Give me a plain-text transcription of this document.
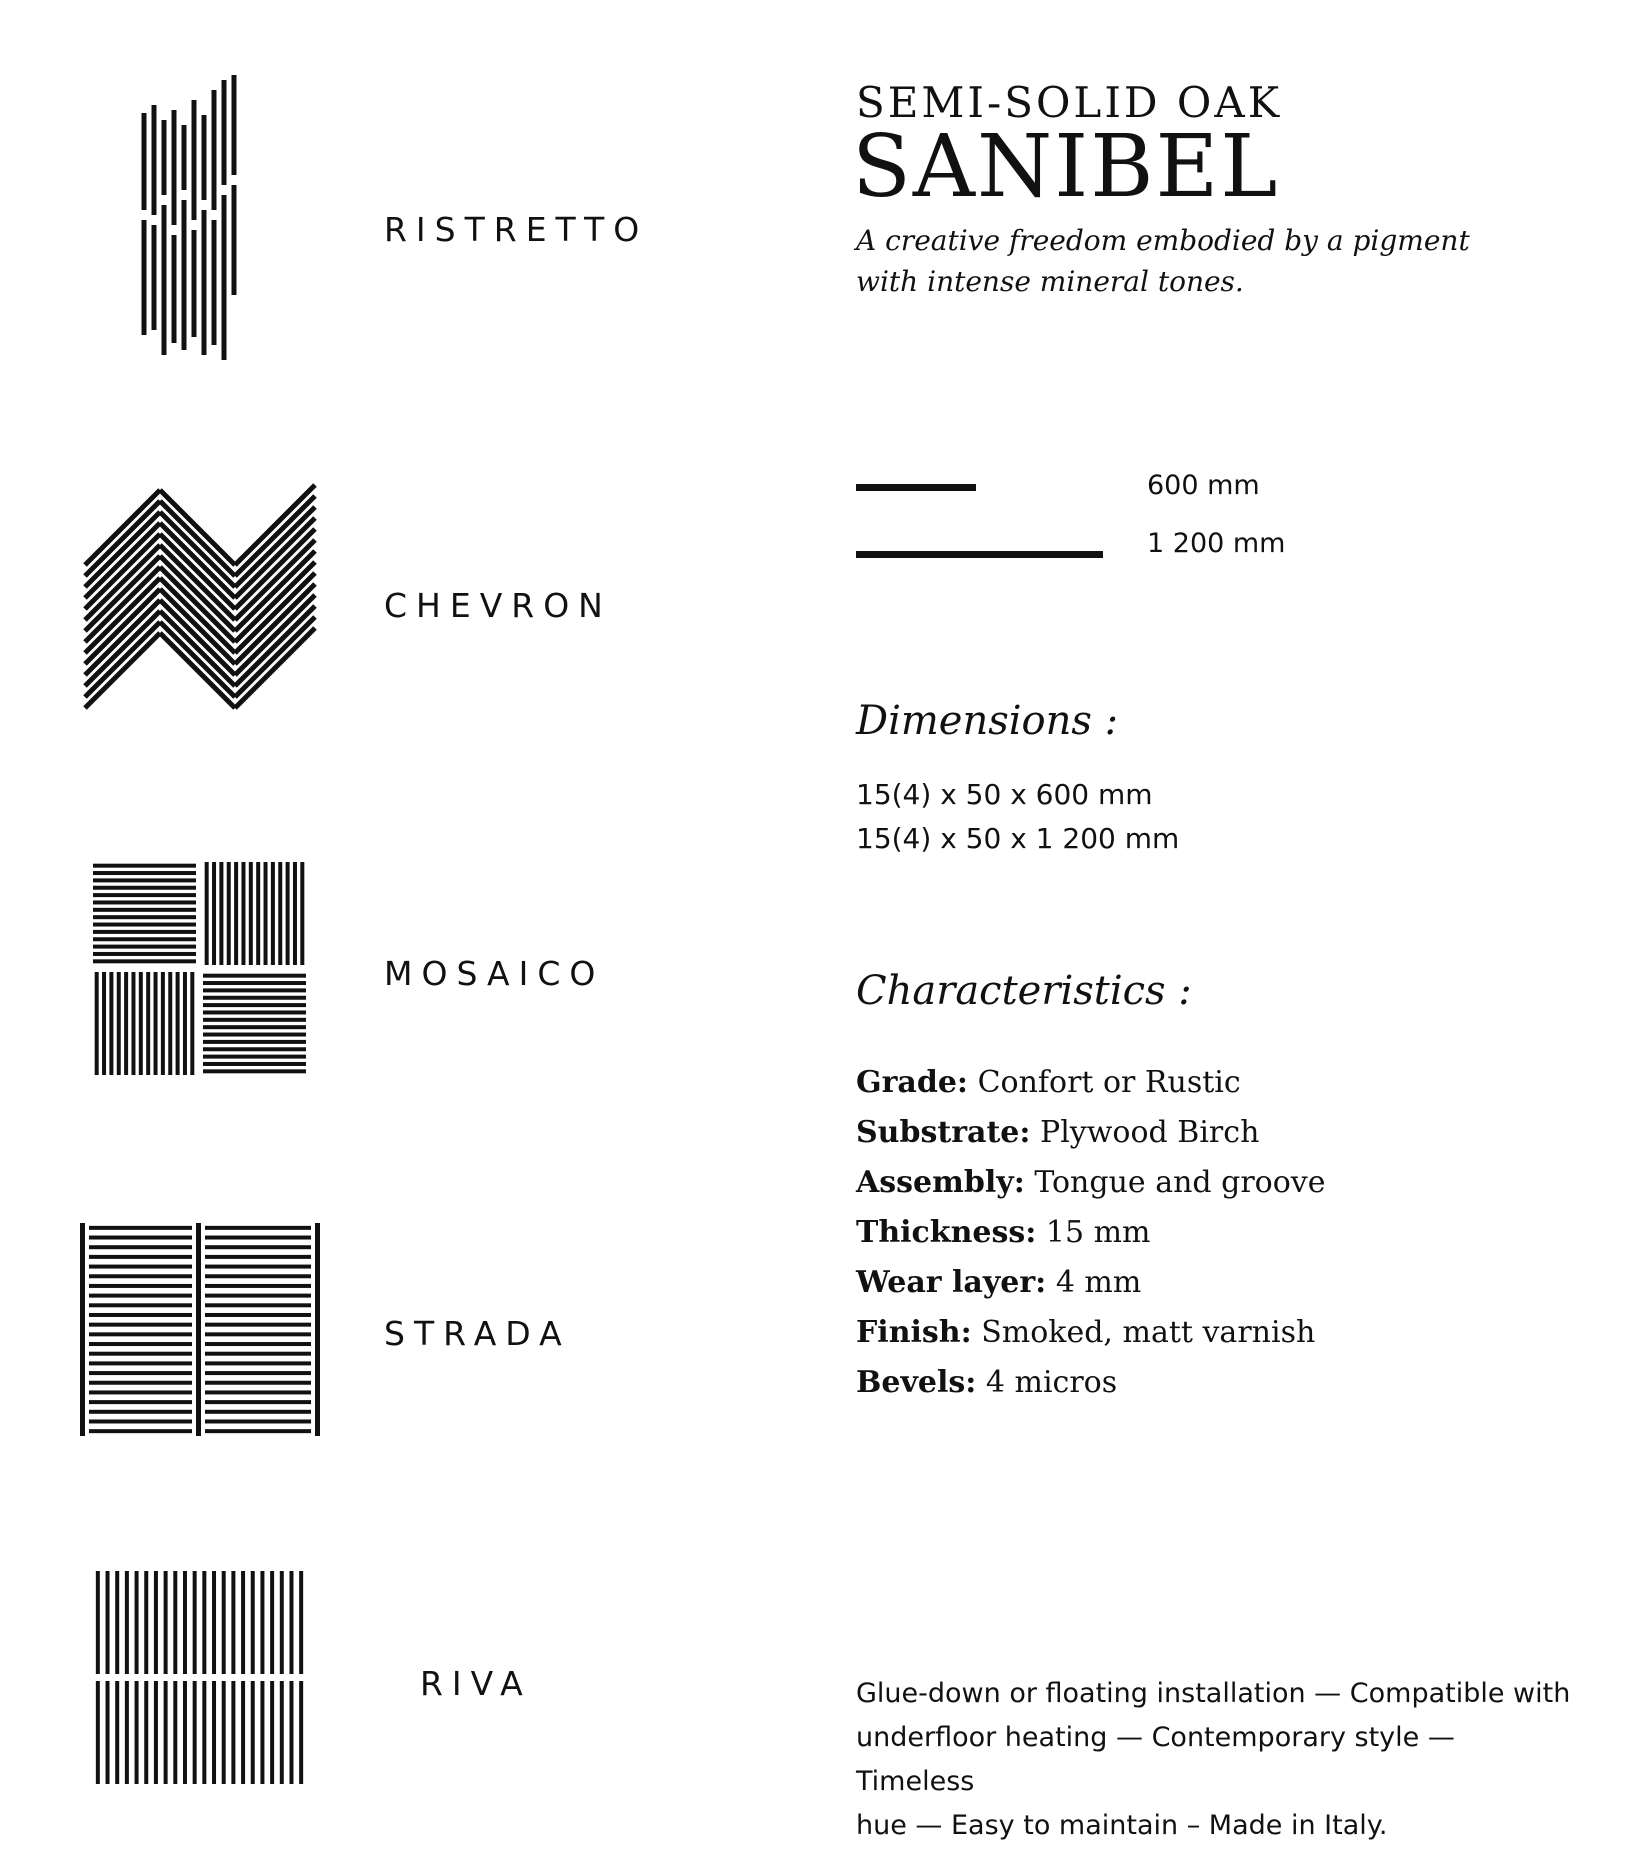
RISTRETTO
CHEVRON
MOSAICO
STRADA
RIVA
SEMI-SOLID OAK
SANIBEL
A creative freedom embodied by a pigment
with intense mineral tones.
600 mm
1 200 mm
Dimensions :
15(4) x 50 x 600 mm
15(4) x 50 x 1 200 mm
Characteristics :
Grade: Confort or Rustic
Substrate: Plywood Birch
Assembly: Tongue and groove
Thickness: 15 mm
Wear layer: 4 mm
Finish: Smoked, matt varnish
Bevels: 4 micros
Glue-down or floating installation — Compatible with
underfloor heating — Contemporary style — Timeless
hue — Easy to maintain – Made in Italy.
